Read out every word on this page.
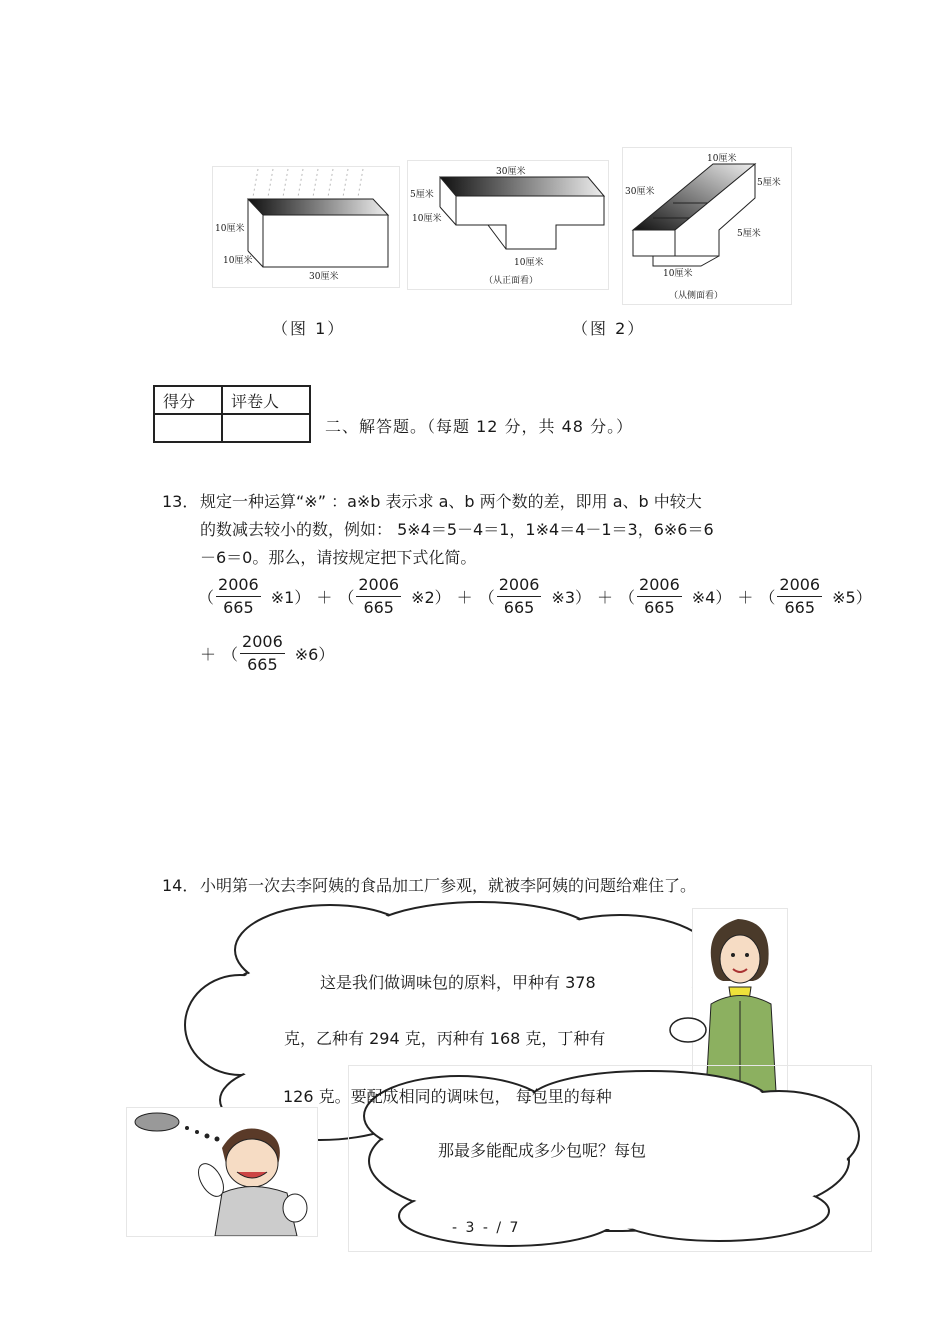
10厘米
10厘米
30厘米
30厘米
5厘米
10厘米
10厘米
（从正面看）
10厘米
30厘米
5厘米
5厘米
10厘米
（从侧面看）
（图 1）	（图 2）
得分	评卷人

二、解答题。（每题 12 分，共 48 分。）
13． 规定一种运算“※” ：a※b 表示求 a、b 两个数的差，即用 a、b 中较大
的数减去较小的数，例如： 5※4＝5－4＝1，1※4＝4－1＝3，6※6＝6
－6＝0。那么，请按规定把下式化简。
（ $\frac{2006}{665}$ ※1） ＋ （ $\frac{2006}{665}$ ※2） ＋ （ $\frac{2006}{665}$ ※3） ＋ （ $\frac{2006}{665}$ ※4） ＋ （ $\frac{2006}{665}$ ※5）
＋ （ $\frac{2006}{665}$ ※6）
14． 小明第一次去李阿姨的食品加工厂参观，就被李阿姨的问题给难住了。
这是我们做调味包的原料，甲种有 378
克，乙种有 294 克，丙种有 168 克，丁种有
126 克。要配成相同的调味包， 每包里的每种
那最多能配成多少包呢？每包
- 3 - / 7
